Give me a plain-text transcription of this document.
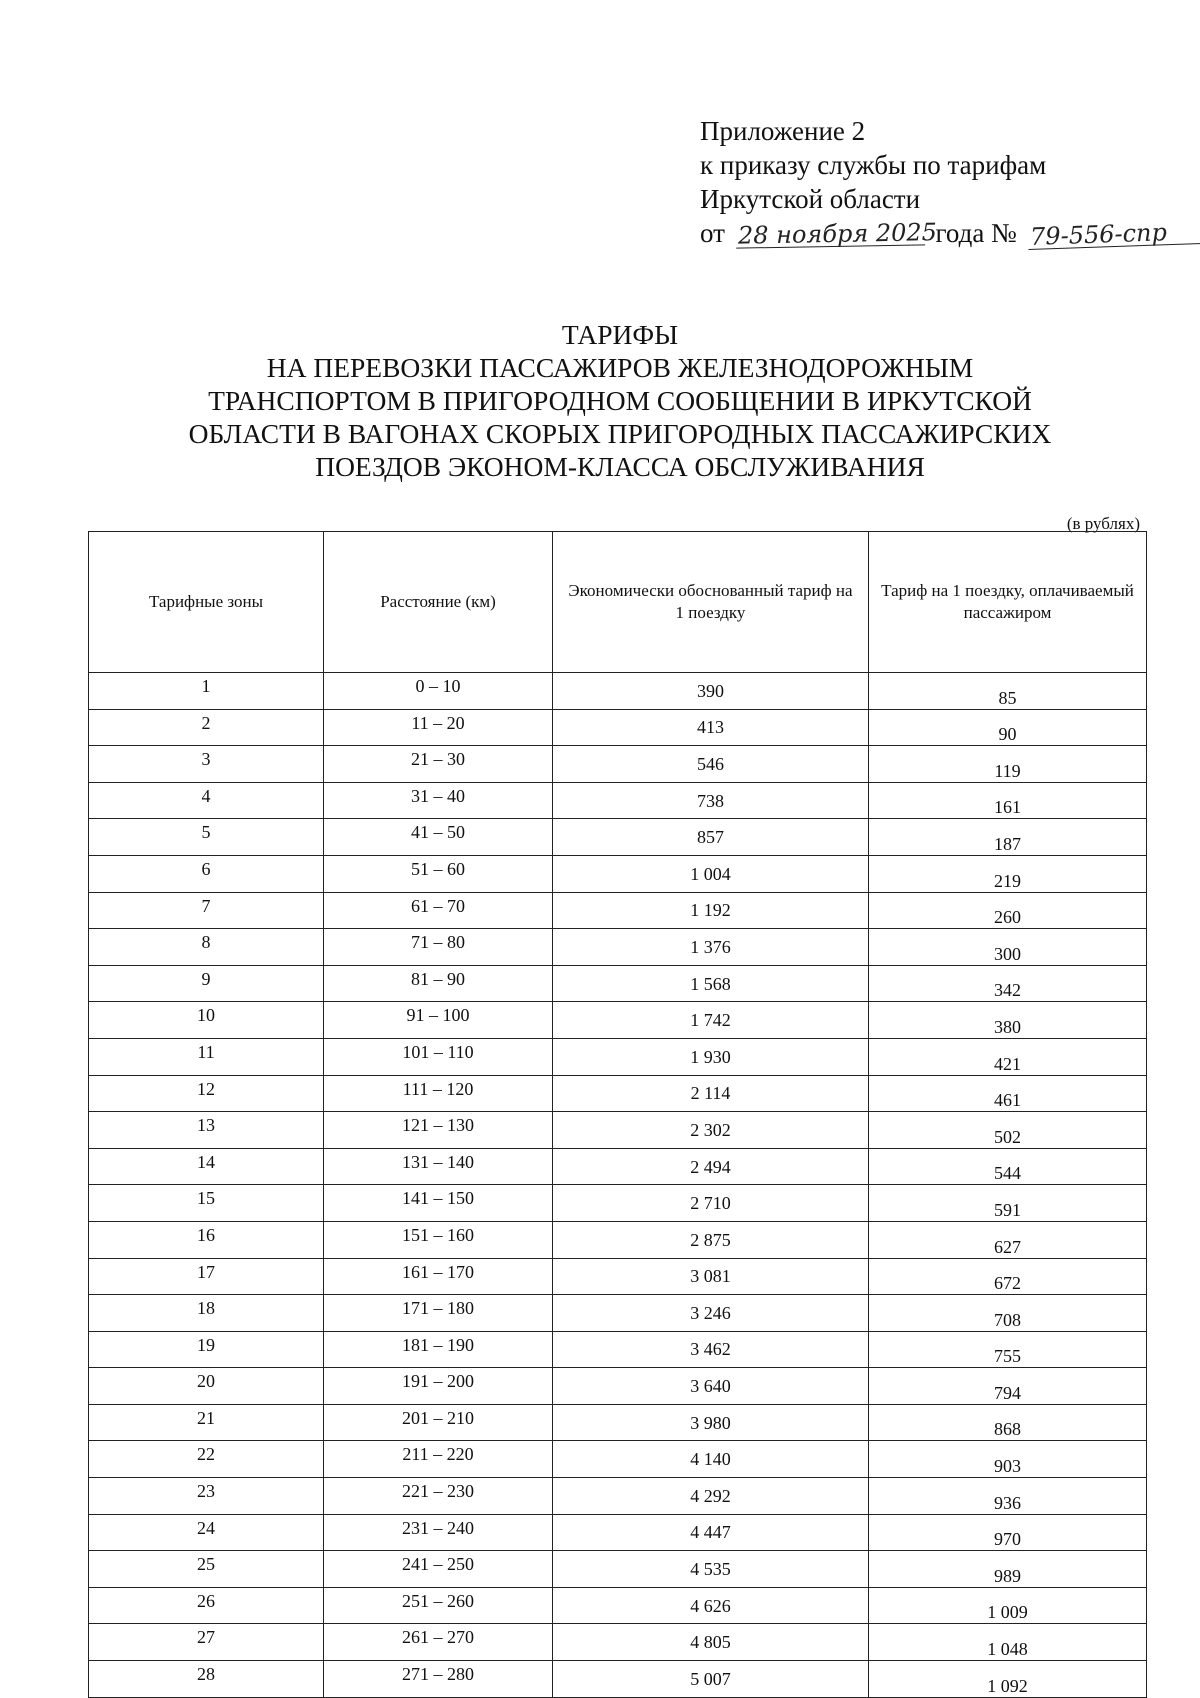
Приложение 2
к приказу службы по тарифам
Иркутской области
от 28 ноября 2025 года № 79-556-спр
ТАРИФЫ
НА ПЕРЕВОЗКИ ПАССАЖИРОВ ЖЕЛЕЗНОДОРОЖНЫМ ТРАНСПОРТОМ В ПРИГОРОДНОМ СООБЩЕНИИ В ИРКУТСКОЙ ОБЛАСТИ В ВАГОНАХ СКОРЫХ ПРИГОРОДНЫХ ПАССАЖИРСКИХ ПОЕЗДОВ ЭКОНОМ-КЛАССА ОБСЛУЖИВАНИЯ
(в рублях)
Тарифные зоны	Расстояние (км)	Экономически обоснованный тариф на 1 поездку	Тариф на 1 поездку, оплачиваемый пассажиром
1	0 – 10	390	85
2	11 – 20	413	90
3	21 – 30	546	119
4	31 – 40	738	161
5	41 – 50	857	187
6	51 – 60	1 004	219
7	61 – 70	1 192	260
8	71 – 80	1 376	300
9	81 – 90	1 568	342
10	91 – 100	1 742	380
11	101 – 110	1 930	421
12	111 – 120	2 114	461
13	121 – 130	2 302	502
14	131 – 140	2 494	544
15	141 – 150	2 710	591
16	151 – 160	2 875	627
17	161 – 170	3 081	672
18	171 – 180	3 246	708
19	181 – 190	3 462	755
20	191 – 200	3 640	794
21	201 – 210	3 980	868
22	211 – 220	4 140	903
23	221 – 230	4 292	936
24	231 – 240	4 447	970
25	241 – 250	4 535	989
26	251 – 260	4 626	1 009
27	261 – 270	4 805	1 048
28	271 – 280	5 007	1 092
